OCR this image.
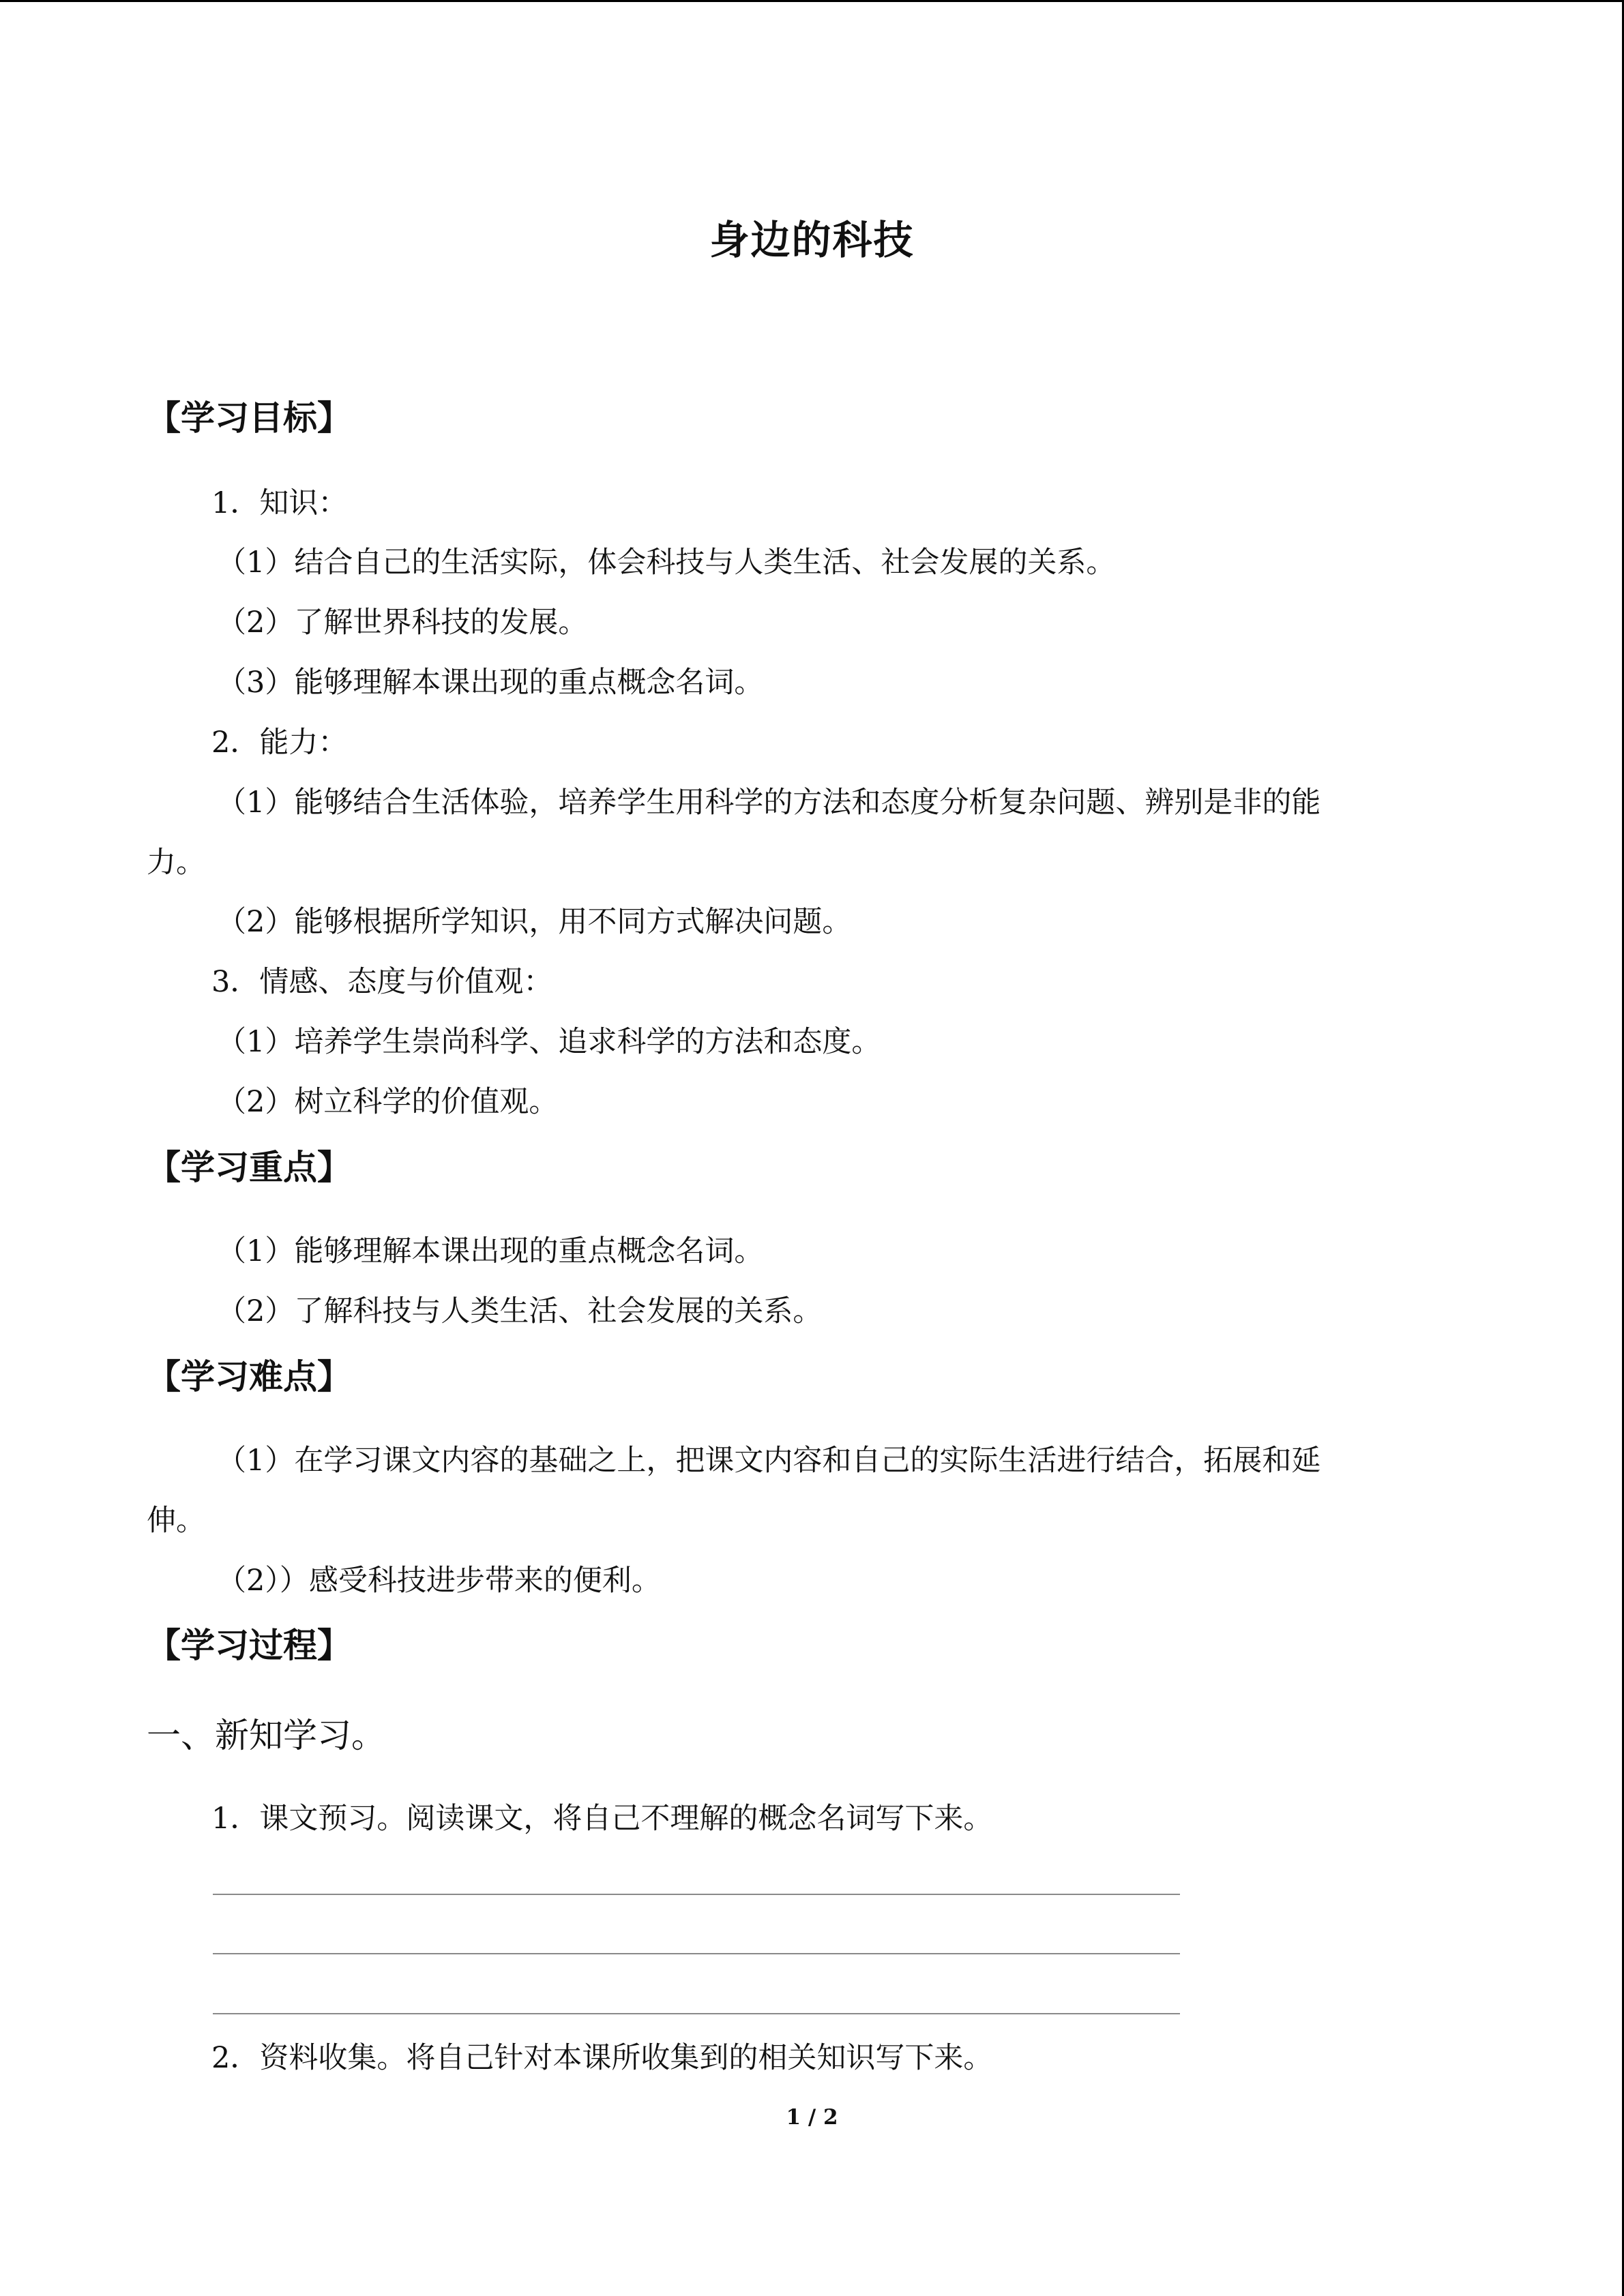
身边的科技
【学习目标】
1．知识：
（1）结合自己的生活实际，体会科技与人类生活、社会发展的关系。
（2）了解世界科技的发展。
（3）能够理解本课出现的重点概念名词。
2．能力：
（1）能够结合生活体验，培养学生用科学的方法和态度分析复杂问题、辨别是非的能
力。
（2）能够根据所学知识，用不同方式解决问题。
3．情感、态度与价值观：
（1）培养学生崇尚科学、追求科学的方法和态度。
（2）树立科学的价值观。
【学习重点】
（1）能够理解本课出现的重点概念名词。
（2）了解科技与人类生活、社会发展的关系。
【学习难点】
（1）在学习课文内容的基础之上，把课文内容和自己的实际生活进行结合，拓展和延
伸。
（2））感受科技进步带来的便利。
【学习过程】
一、新知学习。
1．课文预习。阅读课文，将自己不理解的概念名词写下来。
2．资料收集。将自己针对本课所收集到的相关知识写下来。
1 / 2
